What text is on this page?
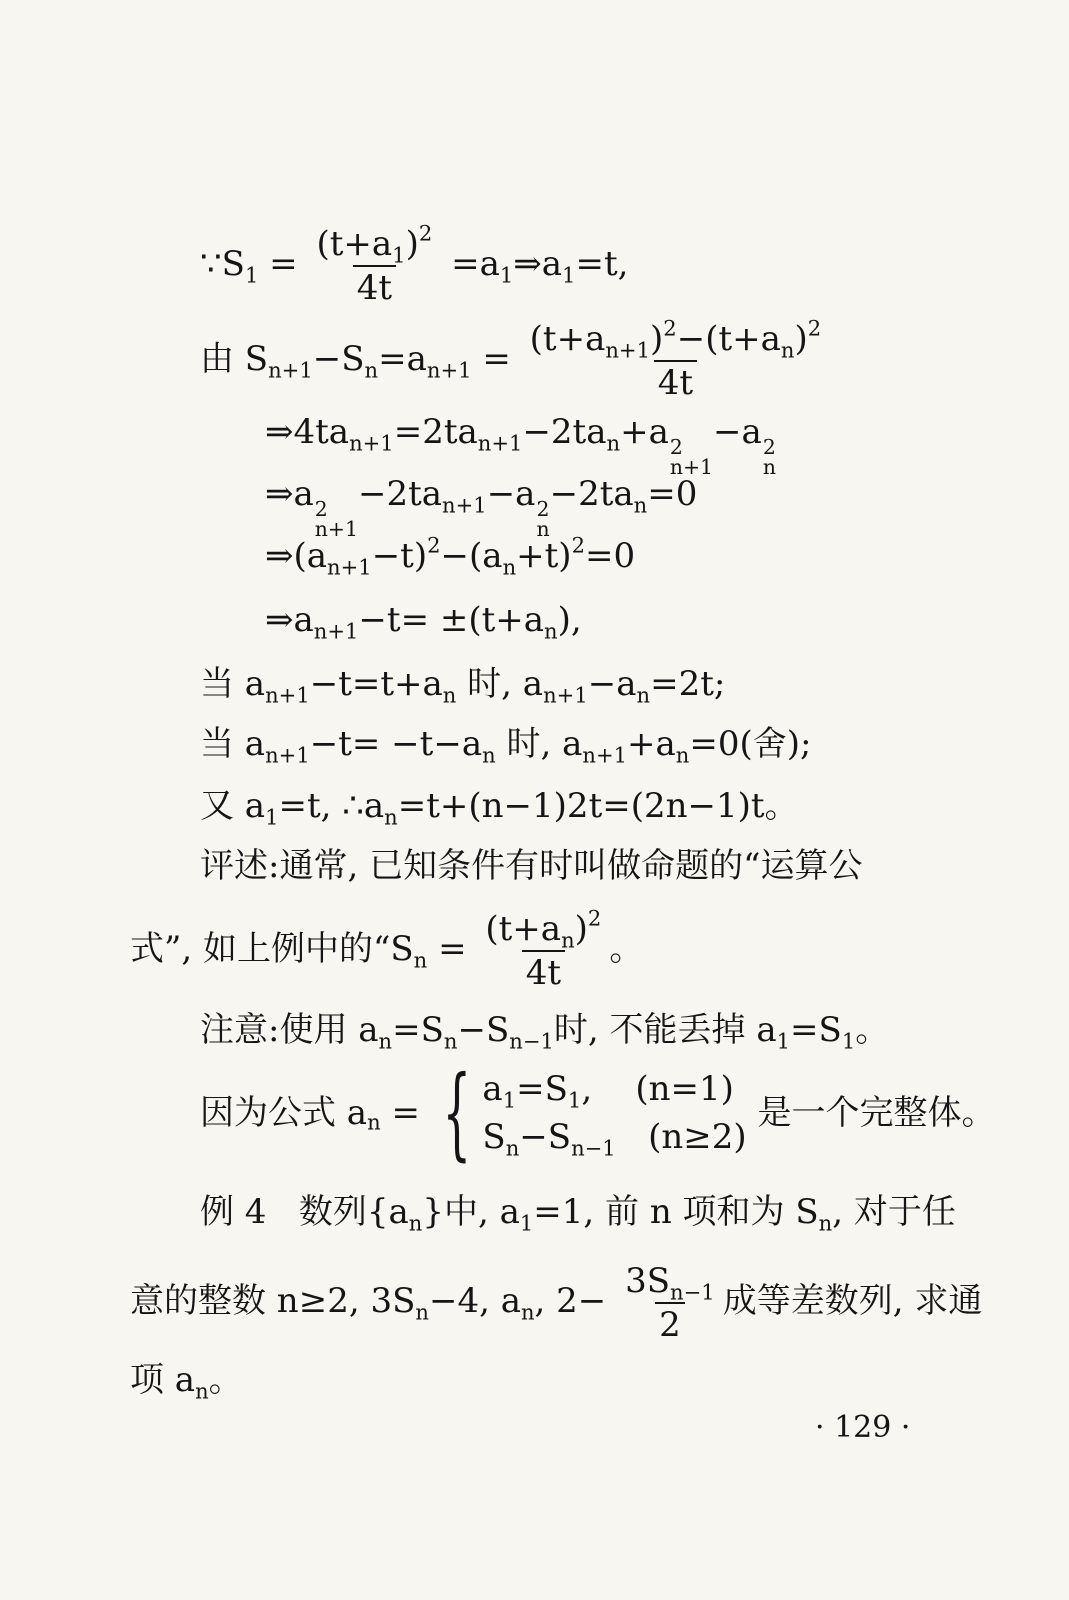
$\because S_1 = \frac{(t+a_1)^2}{4t}$ $=a_1\Rightarrow a_1=t$,
由 $S_{n+1}-S_n=a_{n+1} = \frac{(t+a_{n+1})^2-(t+a_n)^2}{4t}$
$\Rightarrow 4ta_{n+1}=2ta_{n+1}-2ta_n+a$ 2
n+1
−a 2
n
⇒a 2
n+1
$-2ta_{n+1}-a$ 2
n
$-2ta_n=0$
$\Rightarrow(a_{n+1}-t)^2-(a_n+t)^2=0$
$\Rightarrow a_{n+1}-t= \pm(t+a_n)$,
当 $a_{n+1}-t=t+a_n$ 时, $a_{n+1}-a_n=2t$;
当 $a_{n+1}-t= -t-a_n$ 时, $a_{n+1}+a_n=0$(舍);
又 $a_1=t$, $\therefore a_n=t+(n-1)2t=(2n-1)t$。
评述:通常, 已知条件有时叫做命题的“运算公
式”, 如上例中的“$S_n = \frac{(t+a_n)^2}{4t}$ 。
注意:使用 $a_n=S_n-S_{n-1}$时, 不能丢掉 $a_1=S_1$。
因为公式 $a_n$ = { $a_1=S_1$,    (n=1)
$S_n-S_{n-1}$   (n≥2)
是一个完整体。
例 4   数列$\{a_n\}$中, $a_1=1$, 前 n 项和为 $S_n$, 对于任
意的整数 n≥2, $3S_n-4$, $a_n$, $2- \frac{3S_{n-1}}{2}$ 成等差数列, 求通
项 $a_n$。
· 129 ·
